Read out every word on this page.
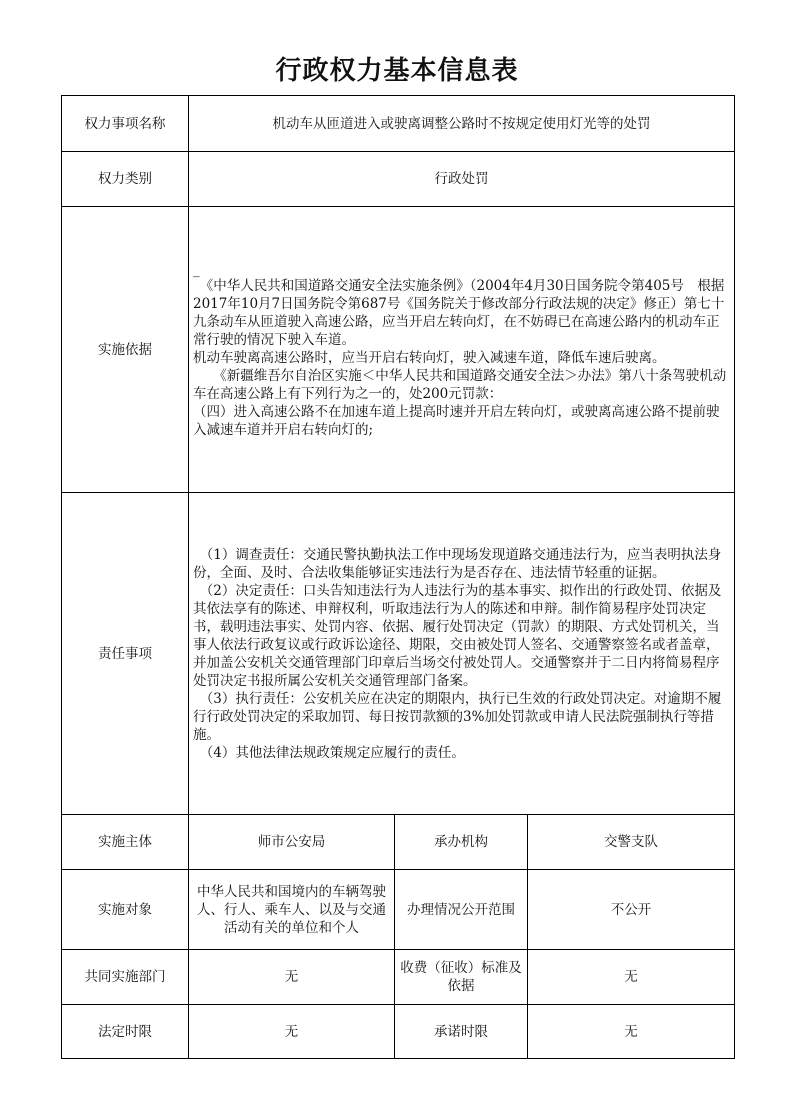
行政权力基本信息表
权力事项名称	机动车从匝道进入或驶离调整公路时不按规定使用灯光等的处罚		
权力类别	行政处罚		
实施依据	_

　《中华人民共和国道路交通安全法实施条例》（2004年4月30日国务院令第405号　根据2017年10月7日国务院令第687号《国务院关于修改部分行政法规的决定》修正）第七十九条动车从匝道驶入高速公路，应当开启左转向灯，在不妨碍已在高速公路内的机动车正常行驶的情况下驶入车道。

机动车驶离高速公路时，应当开启右转向灯，驶入减速车道，降低车速后驶离。

　　《新疆维吾尔自治区实施＜中华人民共和国道路交通安全法＞办法》第八十条驾驶机动车在高速公路上有下列行为之一的，处200元罚款：

（四）进入高速公路不在加速车道上提高时速并开启左转向灯，或驶离高速公路不提前驶入减速车道并开启右转向灯的;		

责任事项	　（1）调查责任：交通民警执勤执法工作中现场发现道路交通违法行为，应当表明执法身份，全面、及时、合法收集能够证实违法行为是否存在、违法情节轻重的证据。

　（2）决定责任：口头告知违法行为人违法行为的基本事实、拟作出的行政处罚、依据及其依法享有的陈述、申辩权利，听取违法行为人的陈述和申辩。制作简易程序处罚决定书，载明违法事实、处罚内容、依据、履行处罚决定（罚款）的期限、方式处罚机关，当事人依法行政复议或行政诉讼途径、期限，交由被处罚人签名、交通警察签名或者盖章，并加盖公安机关交通管理部门印章后当场交付被处罚人。交通警察并于二日内将简易程序处罚决定书报所属公安机关交通管理部门备案。

　（3）执行责任：公安机关应在决定的期限内，执行已生效的行政处罚决定。对逾期不履行行政处罚决定的采取加罚、每日按罚款额的3%加处罚款或申请人民法院强制执行等措施。

　（4）其他法律法规政策规定应履行的责任。		

实施主体	师市公安局	承办机构	交警支队
实施对象	中华人民共和国境内的车辆驾驶人、行人、乘车人、以及与交通活动有关的单位和个人	办理情况公开范围	不公开
共同实施部门	无	收费（征收）标准及依据	无
法定时限	无	承诺时限	无
